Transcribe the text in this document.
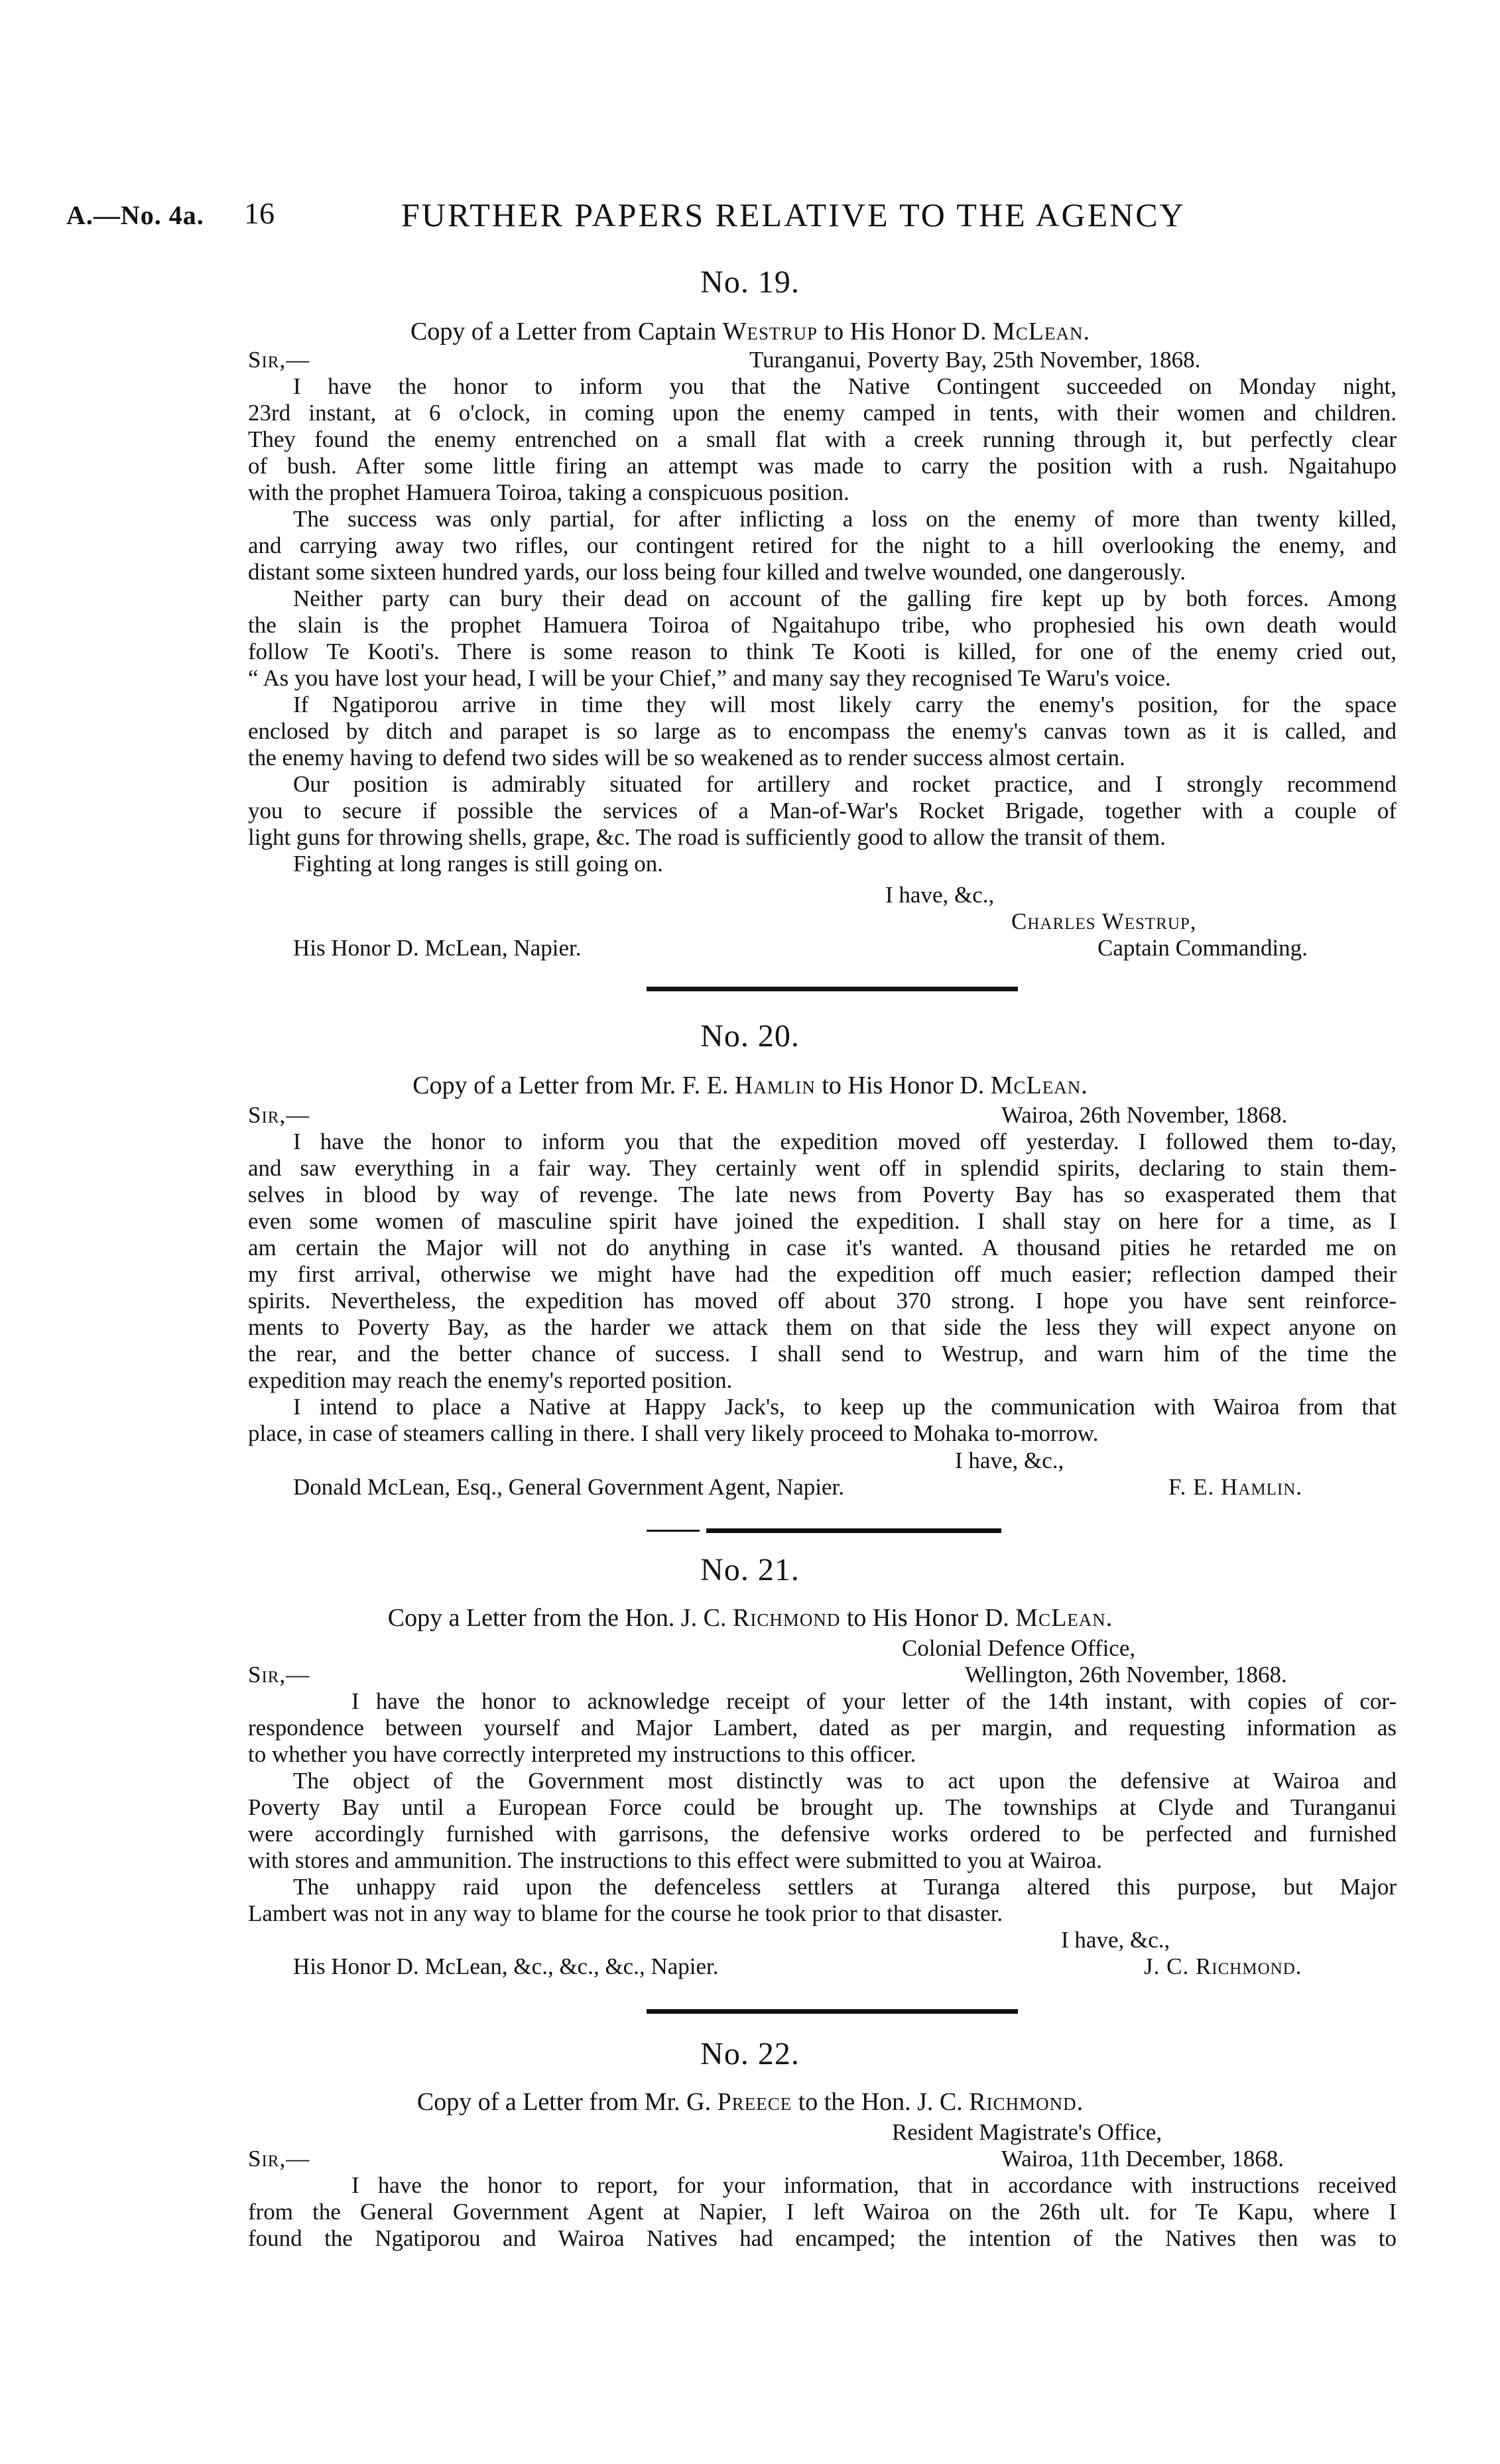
A.—No. 4a. 16	FURTHER PAPERS RELATIVE TO THE AGENCY
No. 19.
Copy of a Letter from Captain Westrup to His Honor D. McLean.
Sir,—	Turanganui, Poverty Bay, 25th November, 1868.
I have the honor to inform you that the Native Contingent succeeded on Monday night,
23rd instant, at 6 o'clock, in coming upon the enemy camped in tents, with their women and children.
They found the enemy entrenched on a small flat with a creek running through it, but perfectly clear
of bush. After some little firing an attempt was made to carry the position with a rush. Ngaitahupo
with the prophet Hamuera Toiroa, taking a conspicuous position.
The success was only partial, for after inflicting a loss on the enemy of more than twenty killed,
and carrying away two rifles, our contingent retired for the night to a hill overlooking the enemy, and
distant some sixteen hundred yards, our loss being four killed and twelve wounded, one dangerously.
Neither party can bury their dead on account of the galling fire kept up by both forces. Among
the slain is the prophet Hamuera Toiroa of Ngaitahupo tribe, who prophesied his own death would
follow Te Kooti's. There is some reason to think Te Kooti is killed, for one of the enemy cried out,
“ As you have lost your head, I will be your Chief,” and many say they recognised Te Waru's voice.
If Ngatiporou arrive in time they will most likely carry the enemy's position, for the space
enclosed by ditch and parapet is so large as to encompass the enemy's canvas town as it is called, and
the enemy having to defend two sides will be so weakened as to render success almost certain.
Our position is admirably situated for artillery and rocket practice, and I strongly recommend
you to secure if possible the services of a Man-of-War's Rocket Brigade, together with a couple of
light guns for throwing shells, grape, &c. The road is sufficiently good to allow the transit of them.
Fighting at long ranges is still going on.
I have, &c.,
Charles Westrup,
His Honor D. McLean, Napier.	Captain Commanding.
No. 20.
Copy of a Letter from Mr. F. E. Hamlin to His Honor D. McLean.
Sir,—	Wairoa, 26th November, 1868.
I have the honor to inform you that the expedition moved off yesterday. I followed them to-day,
and saw everything in a fair way. They certainly went off in splendid spirits, declaring to stain them-
selves in blood by way of revenge. The late news from Poverty Bay has so exasperated them that
even some women of masculine spirit have joined the expedition. I shall stay on here for a time, as I
am certain the Major will not do anything in case it's wanted. A thousand pities he retarded me on
my first arrival, otherwise we might have had the expedition off much easier; reflection damped their
spirits. Nevertheless, the expedition has moved off about 370 strong. I hope you have sent reinforce-
ments to Poverty Bay, as the harder we attack them on that side the less they will expect anyone on
the rear, and the better chance of success. I shall send to Westrup, and warn him of the time the
expedition may reach the enemy's reported position.
I intend to place a Native at Happy Jack's, to keep up the communication with Wairoa from that
place, in case of steamers calling in there. I shall very likely proceed to Mohaka to-morrow.
I have, &c.,
Donald McLean, Esq., General Government Agent, Napier.	F. E. Hamlin.
No. 21.
Copy a Letter from the Hon. J. C. Richmond to His Honor D. McLean.
Colonial Defence Office,
Sir,—	Wellington, 26th November, 1868.
I have the honor to acknowledge receipt of your letter of the 14th instant, with copies of cor-
respondence between yourself and Major Lambert, dated as per margin, and requesting information as
to whether you have correctly interpreted my instructions to this officer.
The object of the Government most distinctly was to act upon the defensive at Wairoa and
Poverty Bay until a European Force could be brought up. The townships at Clyde and Turanganui
were accordingly furnished with garrisons, the defensive works ordered to be perfected and furnished
with stores and ammunition. The instructions to this effect were submitted to you at Wairoa.
The unhappy raid upon the defenceless settlers at Turanga altered this purpose, but Major
Lambert was not in any way to blame for the course he took prior to that disaster.
I have, &c.,
His Honor D. McLean, &c., &c., &c., Napier.	J. C. Richmond.
No. 22.
Copy of a Letter from Mr. G. Preece to the Hon. J. C. Richmond.
Resident Magistrate's Office,
Sir,—	Wairoa, 11th December, 1868.
I have the honor to report, for your information, that in accordance with instructions received
from the General Government Agent at Napier, I left Wairoa on the 26th ult. for Te Kapu, where I
found the Ngatiporou and Wairoa Natives had encamped; the intention of the Natives then was to
